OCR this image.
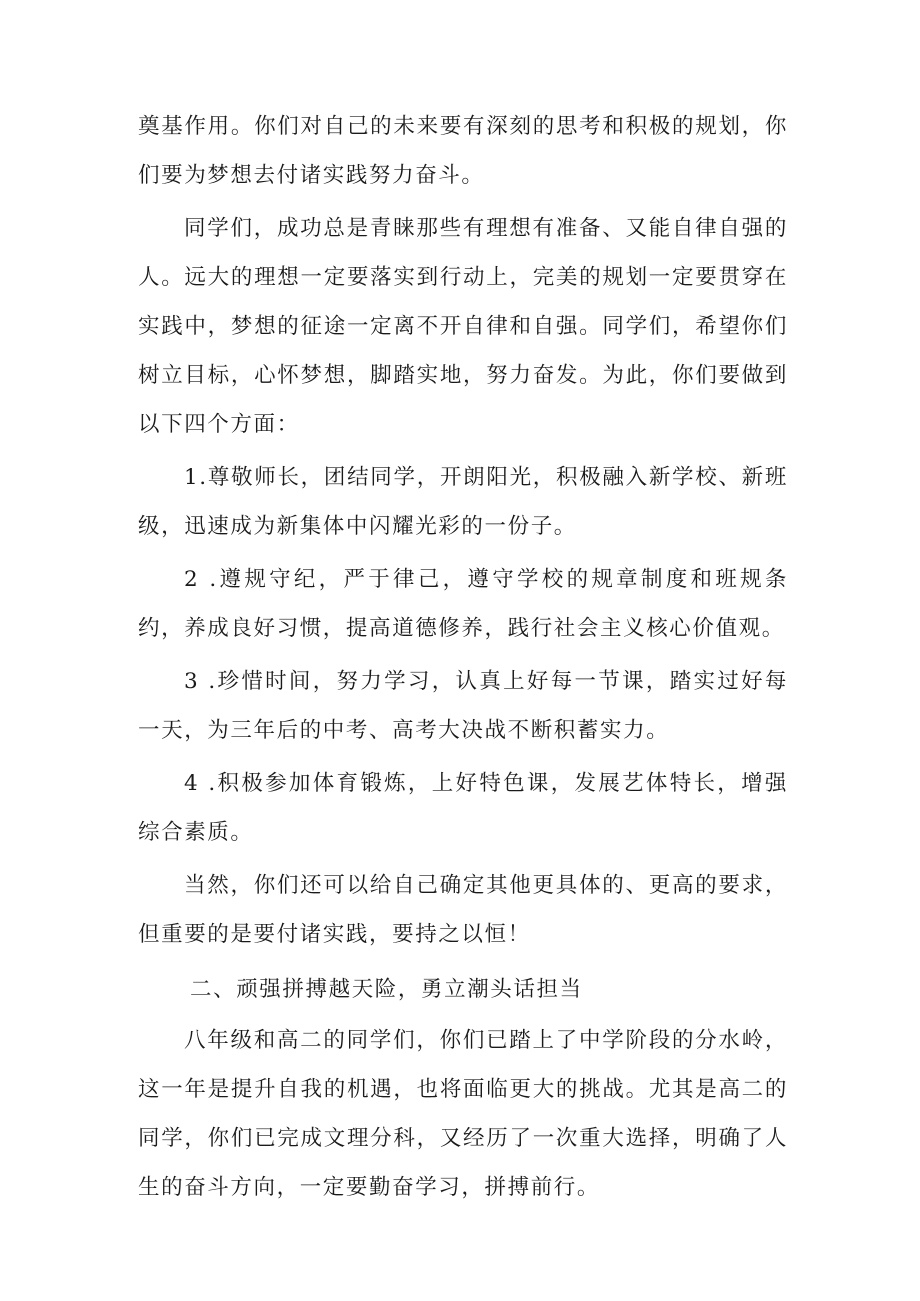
奠基作用。你们对自己的未来要有深刻的思考和积极的规划，你们要为梦想去付诸实践努力奋斗。

同学们，成功总是青睐那些有理想有准备、又能自律自强的人。远大的理想一定要落实到行动上，完美的规划一定要贯穿在实践中，梦想的征途一定离不开自律和自强。同学们，希望你们树立目标，心怀梦想，脚踏实地，努力奋发。为此，你们要做到以下四个方面：

1.尊敬师长，团结同学，开朗阳光，积极融入新学校、新班级，迅速成为新集体中闪耀光彩的一份子。

2 .遵规守纪，严于律己，遵守学校的规章制度和班规条约，养成良好习惯，提高道德修养，践行社会主义核心价值观。

3 .珍惜时间，努力学习，认真上好每一节课，踏实过好每一天，为三年后的中考、高考大决战不断积蓄实力。

4 .积极参加体育锻炼，上好特色课，发展艺体特长，增强综合素质。

当然，你们还可以给自己确定其他更具体的、更高的要求，但重要的是要付诸实践，要持之以恒！

二、顽强拼搏越天险，勇立潮头话担当

八年级和高二的同学们，你们已踏上了中学阶段的分水岭，这一年是提升自我的机遇，也将面临更大的挑战。尤其是高二的同学，你们已完成文理分科，又经历了一次重大选择，明确了人生的奋斗方向，一定要勤奋学习，拼搏前行。
